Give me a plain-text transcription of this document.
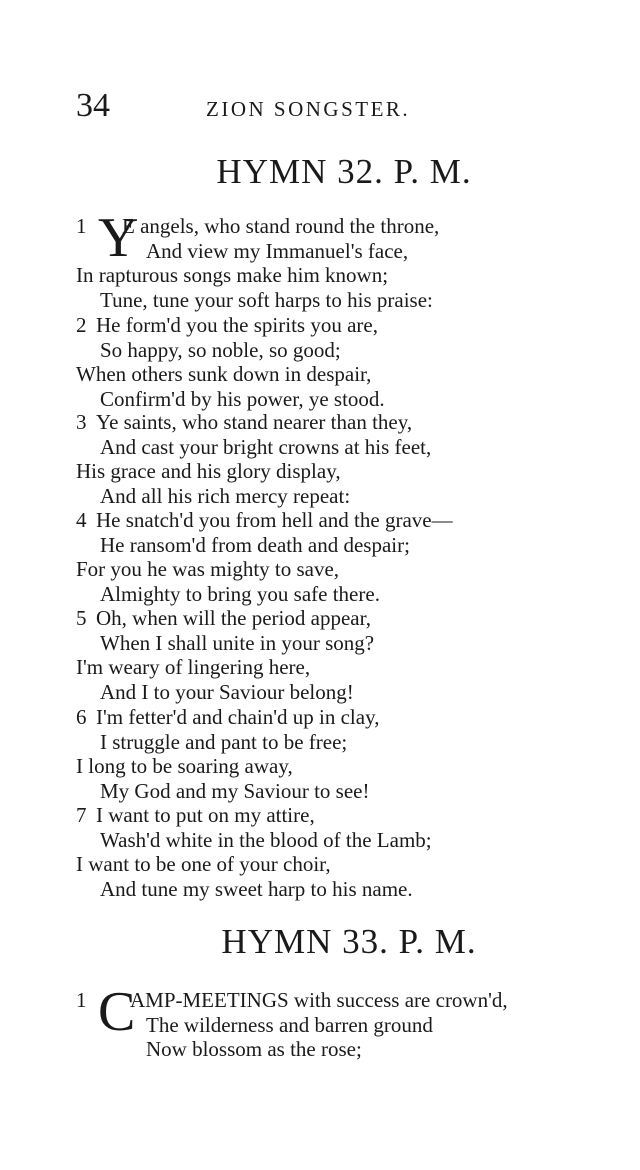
34	ZION SONGSTER.
HYMN 32. P. M.
1 Y
E angels, who stand round the throne,
And view my Immanuel's face,
In rapturous songs make him known;
Tune, tune your soft harps to his praise:
2 He form'd you the spirits you are,
So happy, so noble, so good;
When others sunk down in despair,
Confirm'd by his power, ye stood.
3 Ye saints, who stand nearer than they,
And cast your bright crowns at his feet,
His grace and his glory display,
And all his rich mercy repeat:
4 He snatch'd you from hell and the grave—
He ransom'd from death and despair;
For you he was mighty to save,
Almighty to bring you safe there.
5 Oh, when will the period appear,
When I shall unite in your song?
I'm weary of lingering here,
And I to your Saviour belong!
6 I'm fetter'd and chain'd up in clay,
I struggle and pant to be free;
I long to be soaring away,
My God and my Saviour to see!
7 I want to put on my attire,
Wash'd white in the blood of the Lamb;
I want to be one of your choir,
And tune my sweet harp to his name.
HYMN 33. P. M.
1 C
AMP-MEETINGS with success are crown'd,
The wilderness and barren ground
Now blossom as the rose;
